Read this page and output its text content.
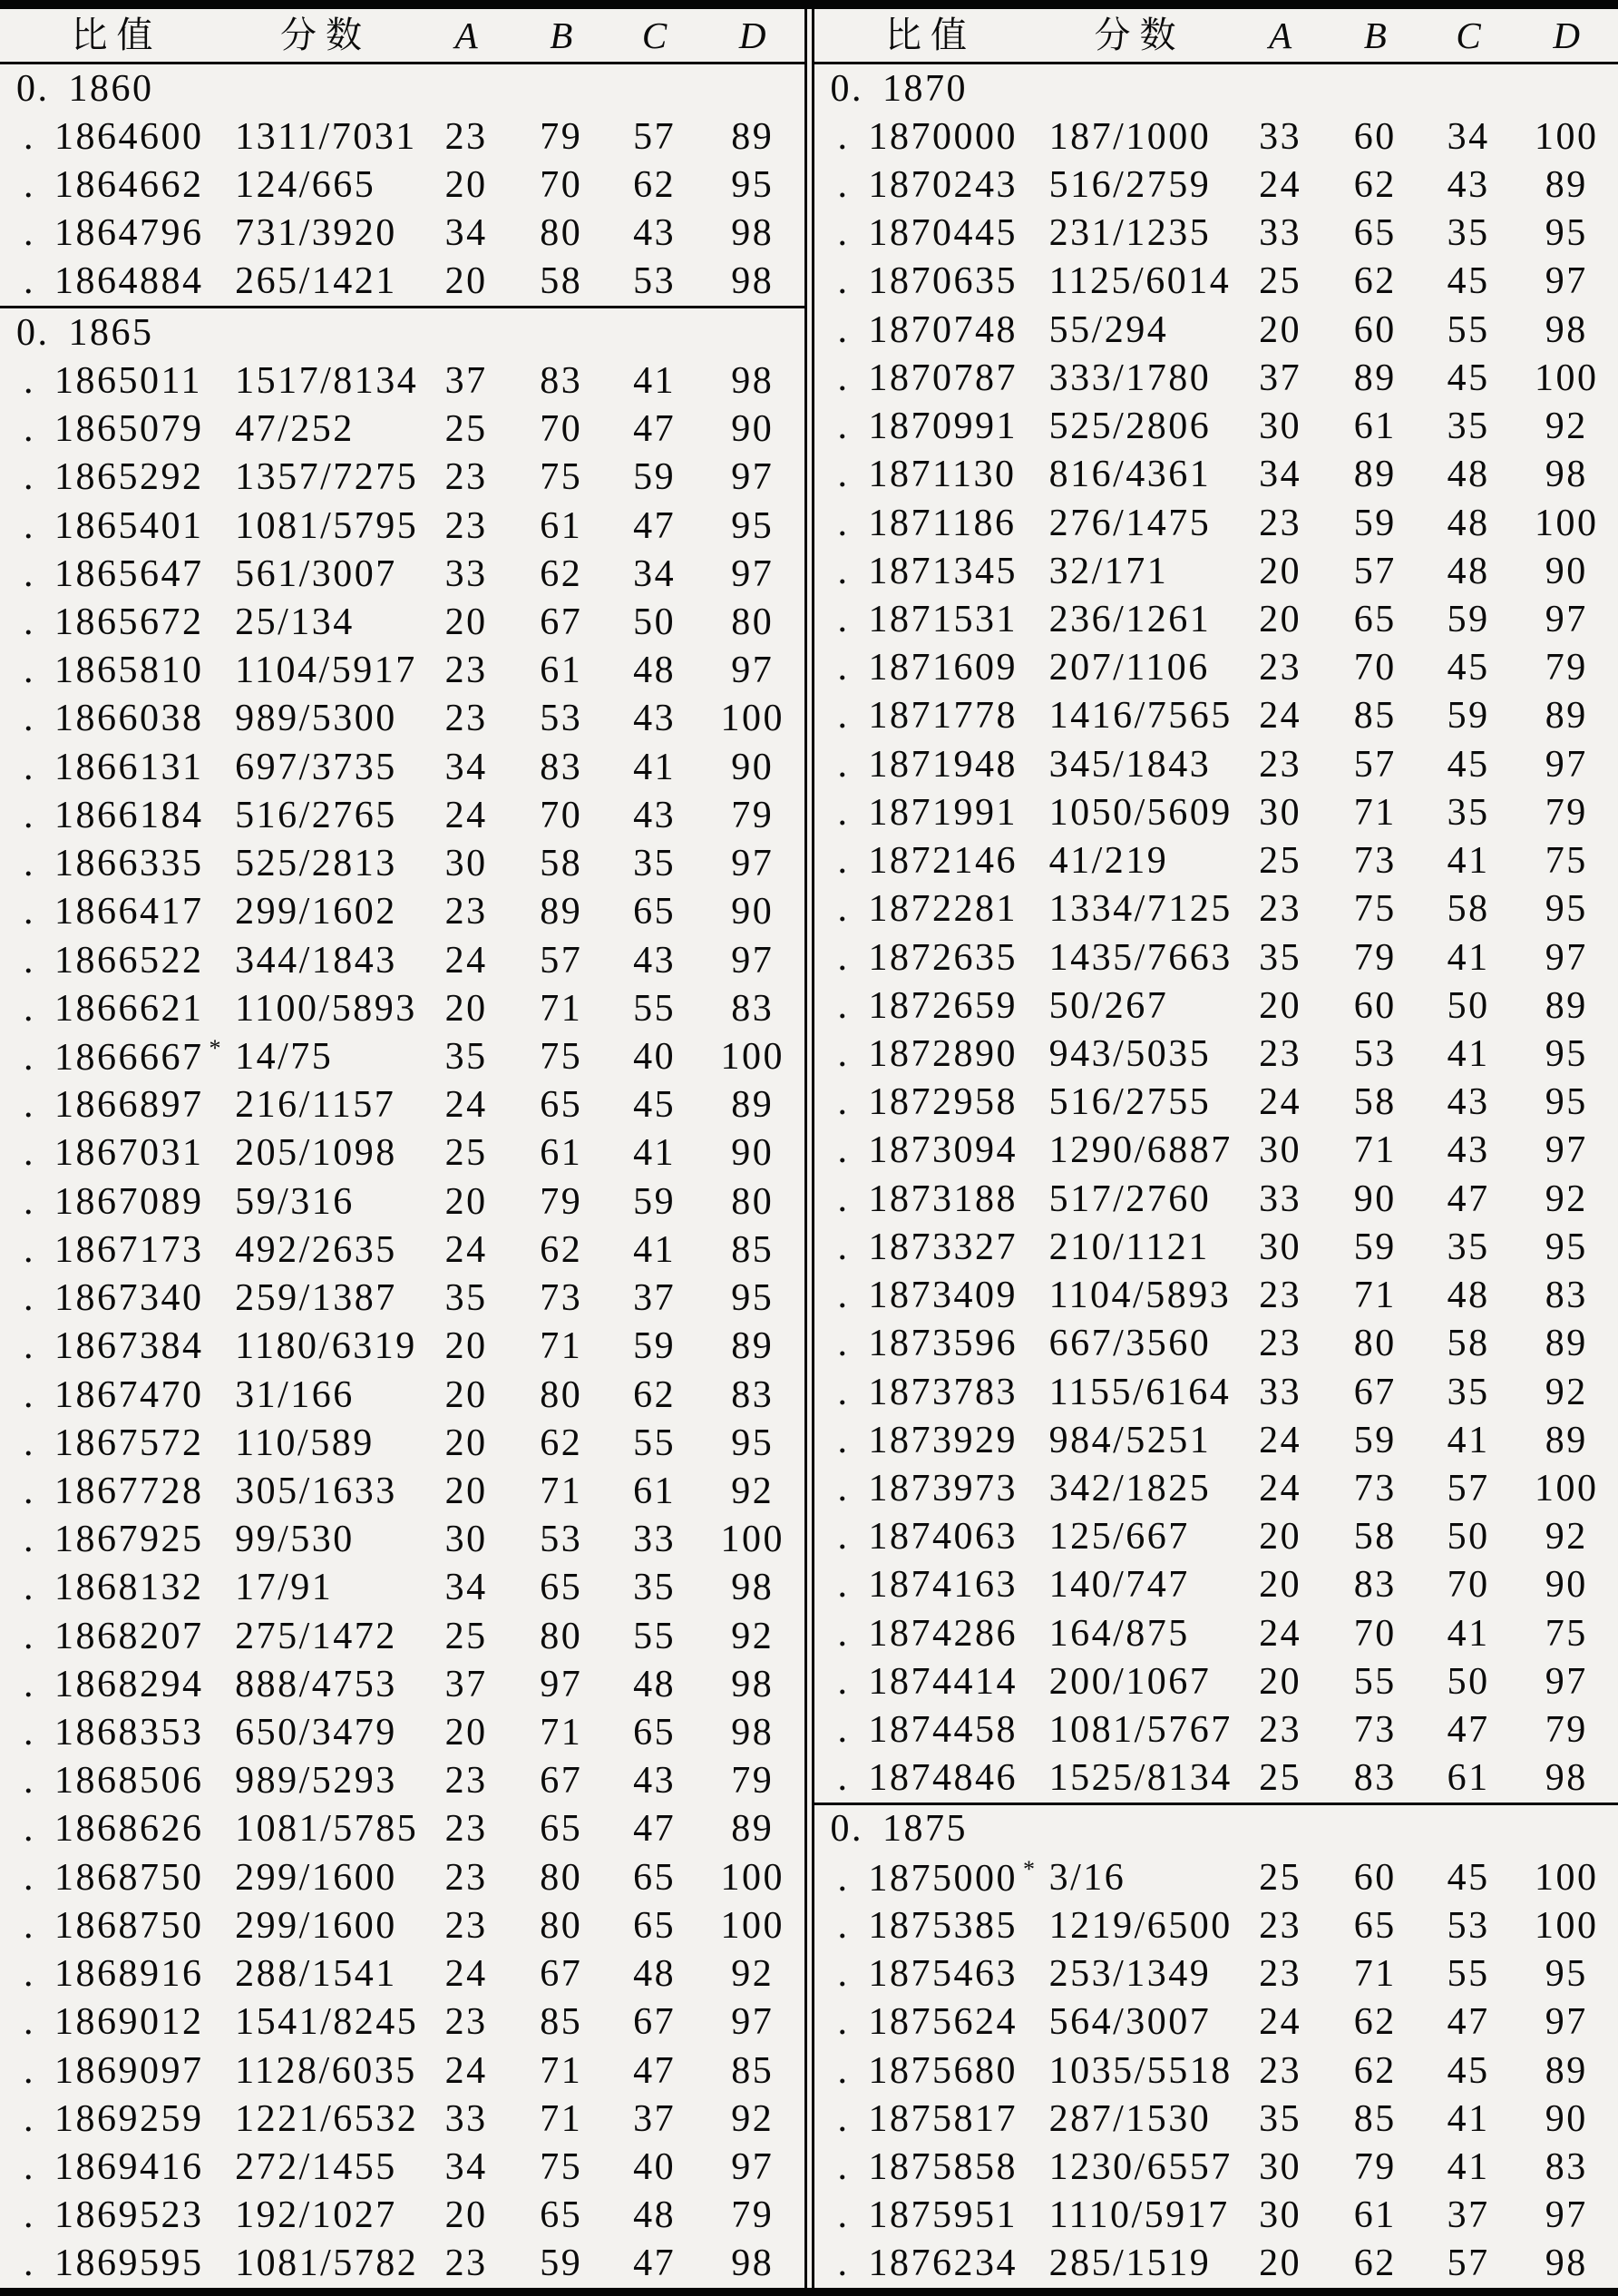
比值	分数	A	B	C	D
0. 1860
. 1864600 1311/7031 23	79	57	89
. 1864662 124/665	20	70	62	95
. 1864796 731/3920	34	80	43	98
. 1864884 265/1421	20	58	53	98
0. 1865
. 1865011 1517/8134 37	83	41	98
. 1865079 47/252	25	70	47	90
. 1865292 1357/7275 23	75	59	97
. 1865401 1081/5795 23	61	47	95
. 1865647 561/3007	33	62	34	97
. 1865672 25/134	20	67	50	80
. 1865810 1104/5917 23	61	48	97
. 1866038 989/5300	23	53	43	100
. 1866131 697/3735	34	83	41	90
. 1866184 516/2765	24	70	43	79
. 1866335 525/2813	30	58	35	97
. 1866417 299/1602	23	89	65	90
. 1866522 344/1843	24	57	43	97
. 1866621 1100/5893 20	71	55	83
. 1866667 * 14/75	35	75	40	100
. 1866897 216/1157	24	65	45	89
. 1867031 205/1098	25	61	41	90
. 1867089 59/316	20	79	59	80
. 1867173 492/2635	24	62	41	85
. 1867340 259/1387	35	73	37	95
. 1867384 1180/6319 20	71	59	89
. 1867470 31/166	20	80	62	83
. 1867572 110/589	20	62	55	95
. 1867728 305/1633	20	71	61	92
. 1867925 99/530	30	53	33	100
. 1868132 17/91	34	65	35	98
. 1868207 275/1472	25	80	55	92
. 1868294 888/4753	37	97	48	98
. 1868353 650/3479	20	71	65	98
. 1868506 989/5293	23	67	43	79
. 1868626 1081/5785 23	65	47	89
. 1868750 299/1600	23	80	65	100
. 1868750 299/1600	23	80	65	100
. 1868916 288/1541	24	67	48	92
. 1869012 1541/8245 23	85	67	97
. 1869097 1128/6035 24	71	47	85
. 1869259 1221/6532 33	71	37	92
. 1869416 272/1455	34	75	40	97
. 1869523 192/1027	20	65	48	79
. 1869595 1081/5782 23	59	47	98
比值	分数	A	B	C	D
0. 1870
. 1870000 187/1000	33	60	34	100
. 1870243 516/2759	24	62	43	89
. 1870445 231/1235	33	65	35	95
. 1870635 1125/6014 25	62	45	97
. 1870748 55/294	20	60	55	98
. 1870787 333/1780	37	89	45	100
. 1870991 525/2806	30	61	35	92
. 1871130 816/4361	34	89	48	98
. 1871186 276/1475	23	59	48	100
. 1871345 32/171	20	57	48	90
. 1871531 236/1261	20	65	59	97
. 1871609 207/1106	23	70	45	79
. 1871778 1416/7565 24	85	59	89
. 1871948 345/1843	23	57	45	97
. 1871991 1050/5609 30	71	35	79
. 1872146 41/219	25	73	41	75
. 1872281 1334/7125 23	75	58	95
. 1872635 1435/7663 35	79	41	97
. 1872659 50/267	20	60	50	89
. 1872890 943/5035	23	53	41	95
. 1872958 516/2755	24	58	43	95
. 1873094 1290/6887 30	71	43	97
. 1873188 517/2760	33	90	47	92
. 1873327 210/1121	30	59	35	95
. 1873409 1104/5893 23	71	48	83
. 1873596 667/3560	23	80	58	89
. 1873783 1155/6164 33	67	35	92
. 1873929 984/5251	24	59	41	89
. 1873973 342/1825	24	73	57	100
. 1874063 125/667	20	58	50	92
. 1874163 140/747	20	83	70	90
. 1874286 164/875	24	70	41	75
. 1874414 200/1067	20	55	50	97
. 1874458 1081/5767 23	73	47	79
. 1874846 1525/8134 25	83	61	98
0. 1875
. 1875000 * 3/16	25	60	45	100
. 1875385 1219/6500 23	65	53	100
. 1875463 253/1349	23	71	55	95
. 1875624 564/3007	24	62	47	97
. 1875680 1035/5518 23	62	45	89
. 1875817 287/1530	35	85	41	90
. 1875858 1230/6557 30	79	41	83
. 1875951 1110/5917 30	61	37	97
. 1876234 285/1519	20	62	57	98
